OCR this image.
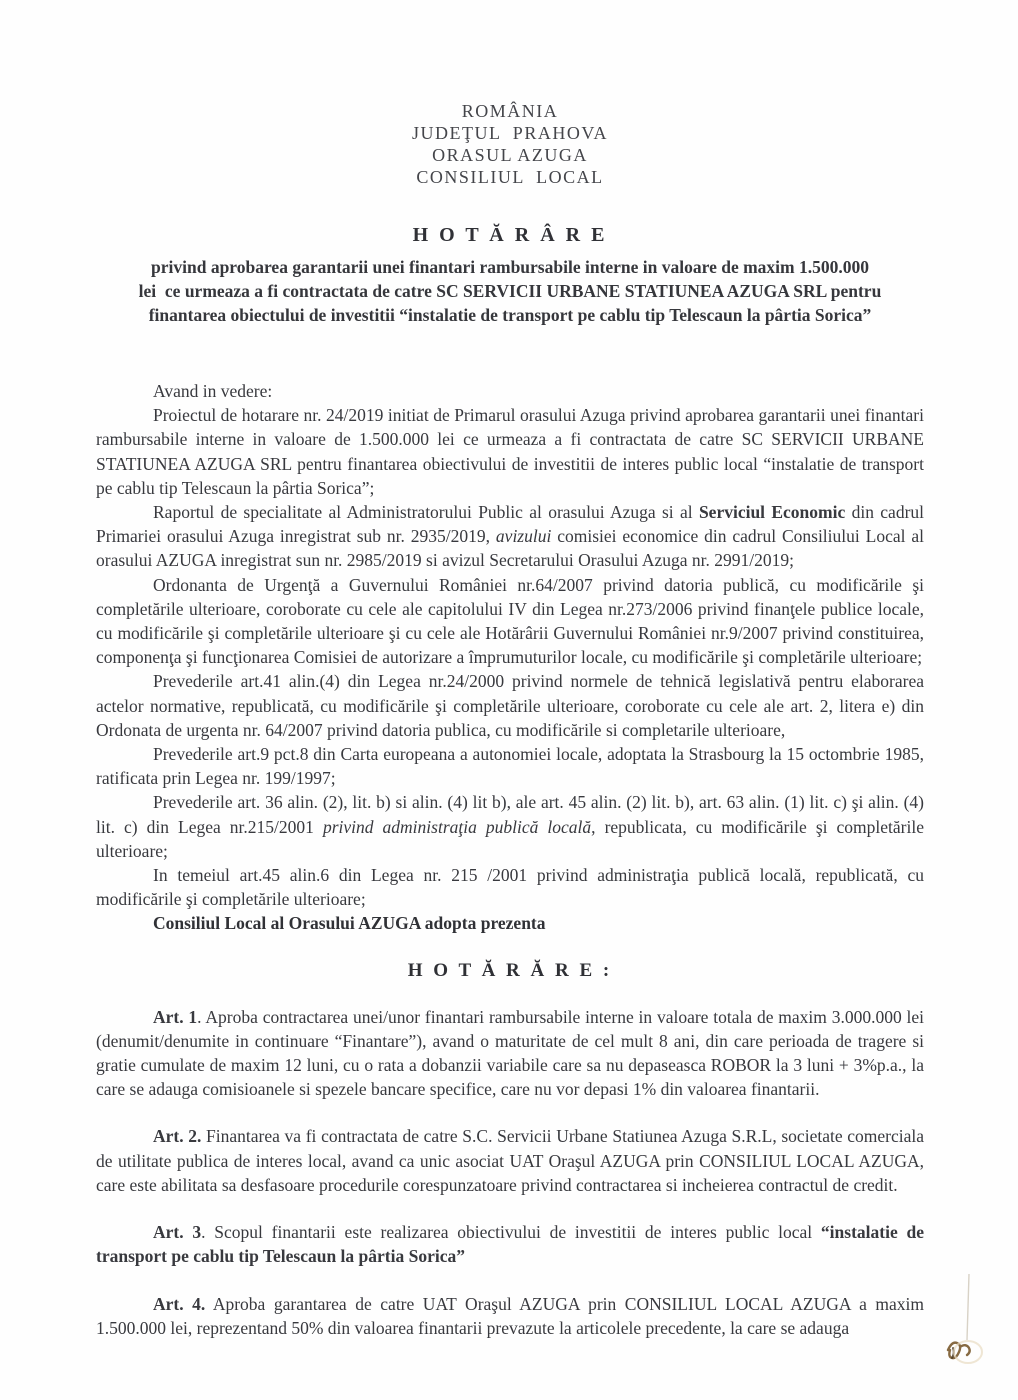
ROMÂNIA
JUDEŢUL  PRAHOVA
ORASUL AZUGA
CONSILIUL  LOCAL
H O T Ă R Â R E
privind aprobarea garantarii unei finantari rambursabile interne in valoare de maxim 1.500.000
lei  ce urmeaza a fi contractata de catre SC SERVICII URBANE STATIUNEA AZUGA SRL pentru
finantarea obiectului de investitii “instalatie de transport pe cablu tip Telescaun la pârtia Sorica”

Avand in vedere:

Proiectul de hotarare nr. 24/2019 initiat de Primarul orasului Azuga privind aprobarea garantarii unei finantari rambursabile interne in valoare de 1.500.000 lei ce urmeaza a fi contractata de catre SC SERVICII URBANE STATIUNEA AZUGA SRL pentru finantarea obiectivului de investitii de interes public local “instalatie de transport pe cablu tip Telescaun la pârtia Sorica”;

Raportul de specialitate al Administratorului Public al orasului Azuga si al Serviciul Economic din cadrul Primariei orasului Azuga inregistrat sub nr. 2935/2019, avizului comisiei economice din cadrul Consiliului Local al orasului AZUGA inregistrat sun nr. 2985/2019 si avizul Secretarului Orasului Azuga nr. 2991/2019;

Ordonanta de Urgenţă a Guvernului României nr.64/2007 privind datoria publică, cu modificările şi completările ulterioare, coroborate cu cele ale capitolului IV din Legea nr.273/2006 privind finanţele publice locale, cu modificările şi completările ulterioare şi cu cele ale Hotărârii Guvernului României nr.9/2007 privind constituirea, componenţa şi funcţionarea Comisiei de autorizare a împrumuturilor locale, cu modificările şi completările ulterioare;

Prevederile art.41 alin.(4) din Legea nr.24/2000 privind normele de tehnică legislativă pentru elaborarea actelor normative, republicată, cu modificările şi completările ulterioare, coroborate cu cele ale art. 2, litera e) din Ordonata de urgenta nr. 64/2007 privind datoria publica, cu modificările si completarile ulterioare,

Prevederile art.9 pct.8 din Carta europeana a autonomiei locale, adoptata la Strasbourg la 15 octombrie 1985, ratificata prin Legea nr. 199/1997;

Prevederile art. 36 alin. (2), lit. b) si alin. (4) lit b), ale art. 45 alin. (2) lit. b), art. 63 alin. (1) lit. c) şi alin. (4) lit. c) din Legea nr.215/2001 privind administraţia publică locală, republicata, cu modificările şi completările ulterioare;

In temeiul art.45 alin.6 din Legea nr. 215 /2001 privind administraţia publică locală, republicată, cu modificările şi completările ulterioare;

Consiliul Local al Orasului AZUGA adopta prezenta

H O T Ă R Ă R E :

Art. 1. Aproba contractarea unei/unor finantari rambursabile interne in valoare totala de maxim 3.000.000 lei (denumit/denumite in continuare “Finantare”), avand o maturitate de cel mult 8 ani, din care perioada de tragere si gratie cumulate de maxim 12 luni, cu o rata a dobanzii variabile care sa nu depaseasca ROBOR la 3 luni + 3%p.a., la care se adauga comisioanele si spezele bancare specifice, care nu vor depasi 1% din valoarea finantarii.

Art. 2. Finantarea va fi contractata de catre S.C. Servicii Urbane Statiunea Azuga S.R.L, societate comerciala de utilitate publica de interes local, avand ca unic asociat UAT Oraşul AZUGA prin CONSILIUL LOCAL AZUGA, care este abilitata sa desfasoare procedurile corespunzatoare privind contractarea si incheierea contractul de credit.

Art. 3. Scopul finantarii este realizarea obiectivului de investitii de interes public local “instalatie de transport pe cablu tip Telescaun la pârtia Sorica”

Art. 4. Aproba garantarea de catre UAT Oraşul AZUGA prin CONSILIUL LOCAL AZUGA a maxim 1.500.000 lei, reprezentand 50% din valoarea finantarii prevazute la articolele precedente, la care se adauga
